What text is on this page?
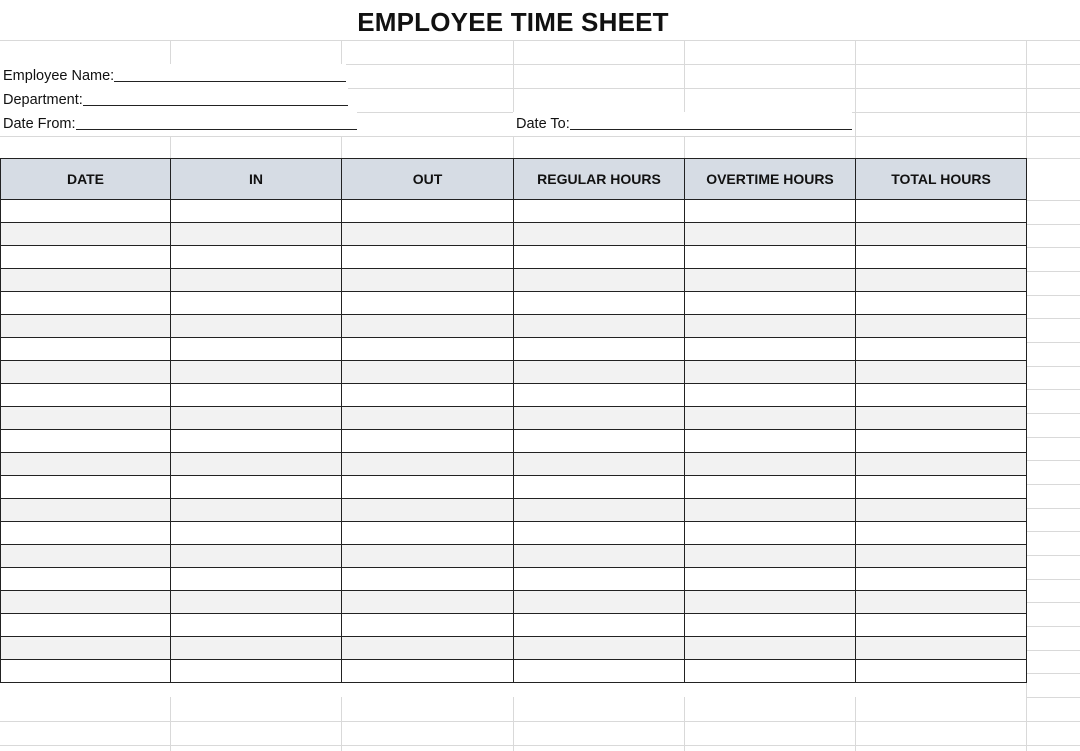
EMPLOYEE TIME SHEET
Employee Name:
Department:
Date From:	Date To:
DATE	IN	OUT	REGULAR HOURS	OVERTIME HOURS	TOTAL HOURS
